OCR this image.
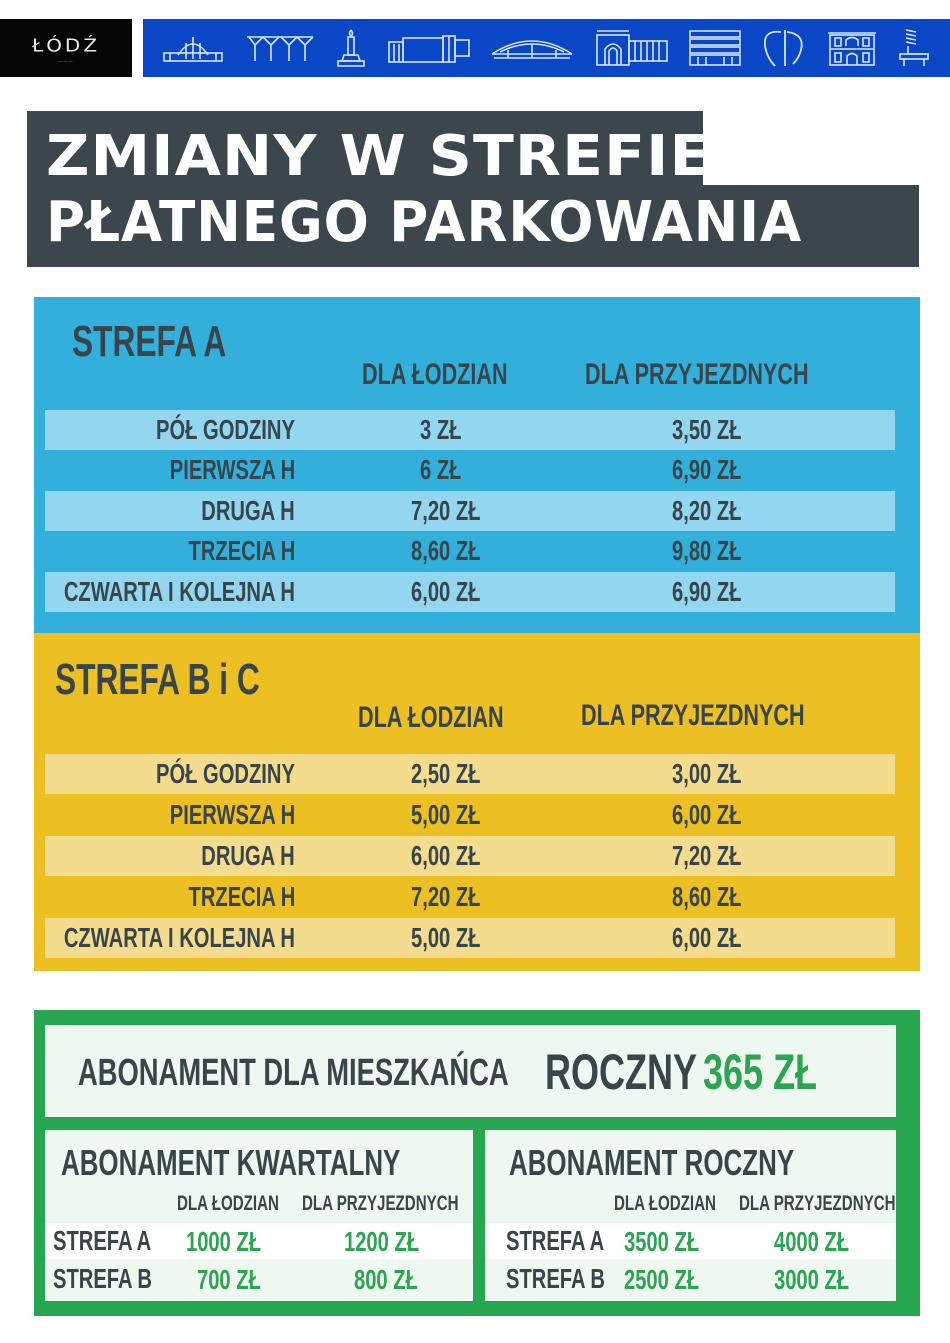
ŁÓDŹ
———
ZMIANY W STREFIE
PŁATNEGO PARKOWANIA
STREFA A
DLA ŁODZIAN	DLA PRZYJEZDNYCH
PÓŁ GODZINY	3 ZŁ	3,50 ZŁ
PIERWSZA H	6 ZŁ	6,90 ZŁ
DRUGA H	7,20 ZŁ	8,20 ZŁ
TRZECIA H	8,60 ZŁ	9,80 ZŁ
CZWARTA I KOLEJNA H	6,00 ZŁ	6,90 ZŁ
STREFA B i C
DLA ŁODZIAN	DLA PRZYJEZDNYCH
PÓŁ GODZINY	2,50 ZŁ	3,00 ZŁ
PIERWSZA H	5,00 ZŁ	6,00 ZŁ
DRUGA H	6,00 ZŁ	7,20 ZŁ
TRZECIA H	7,20 ZŁ	8,60 ZŁ
CZWARTA I KOLEJNA H	5,00 ZŁ	6,00 ZŁ
ABONAMENT DLA MIESZKAŃCA ROCZNY 365 ZŁ
ABONAMENT KWARTALNY
DLA ŁODZIAN DLA PRZYJEZDNYCH
STREFA A 1000 ZŁ	1200 ZŁ
STREFA B 700 ZŁ	800 ZŁ
ABONAMENT ROCZNY
DLA ŁODZIAN DLA PRZYJEZDNYCH
STREFA A 3500 ZŁ	4000 ZŁ
STREFA B 2500 ZŁ	3000 ZŁ
